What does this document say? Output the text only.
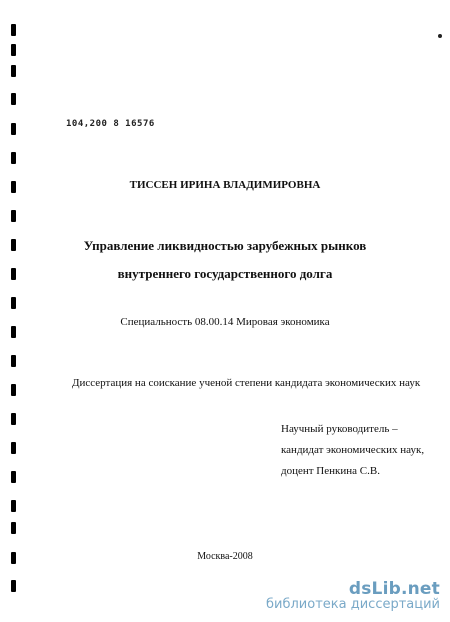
104,200 8 16576
ТИССЕН ИРИНА ВЛАДИМИРОВНА
Управление ликвидностью зарубежных рынков
внутреннего государственного долга
Специальность 08.00.14 Мировая экономика
Диссертация на соискание ученой степени кандидата экономических наук
Научный руководитель –
кандидат экономических наук,
доцент Пенкина С.В.
Москва-2008
dsLib.net
библиотека диссертаций
